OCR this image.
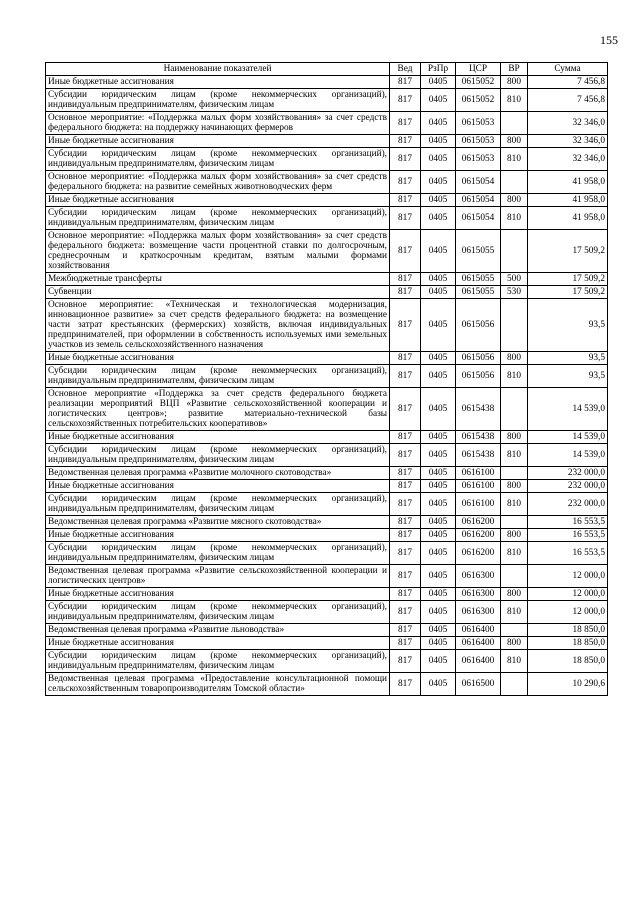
155
Наименование показателей	Вед	РзПр	ЦСР	ВР	Сумма
Иные бюджетные ассигнования	817	0405	0615052	800	7 456,8
Субсидии юридическим лицам (кроме некоммерческих организаций), индивидуальным предпринимателям, физическим лицам	817	0405	0615052	810	7 456,8
Основное мероприятие: «Поддержка малых форм хозяйствования» за счет средств федерального бюджета: на поддержку начинающих фермеров	817	0405	0615053		32 346,0
Иные бюджетные ассигнования	817	0405	0615053	800	32 346,0
Субсидии юридическим лицам (кроме некоммерческих организаций), индивидуальным предпринимателям, физическим лицам	817	0405	0615053	810	32 346,0
Основное мероприятие: «Поддержка малых форм хозяйствования» за счет средств федерального бюджета: на развитие семейных животноводческих ферм	817	0405	0615054		41 958,0
Иные бюджетные ассигнования	817	0405	0615054	800	41 958,0
Субсидии юридическим лицам (кроме некоммерческих организаций), индивидуальным предпринимателям, физическим лицам	817	0405	0615054	810	41 958,0
Основное мероприятие: «Поддержка малых форм хозяйствования» за счет средств федерального бюджета: возмещение части процентной ставки по долгосрочным, среднесрочным и краткосрочным кредитам, взятым малыми формами хозяйствования	817	0405	0615055		17 509,2
Межбюджетные трансферты	817	0405	0615055	500	17 509,2
Субвенции	817	0405	0615055	530	17 509,2
Основное мероприятие: «Техническая и технологическая модернизация, инновационное развитие» за счет средств федерального бюджета: на возмещение части затрат крестьянских (фермерских) хозяйств, включая индивидуальных предпринимателей, при оформлении в собственность используемых ими земельных участков из земель сельскохозяйственного назначения	817	0405	0615056		93,5
Иные бюджетные ассигнования	817	0405	0615056	800	93,5
Субсидии юридическим лицам (кроме некоммерческих организаций), индивидуальным предпринимателям, физическим лицам	817	0405	0615056	810	93,5
Основное мероприятие «Поддержка за счет средств федерального бюджета реализации мероприятий ВЦП «Развитие сельскохозяйственной кооперации и логистических центров»; развитие материально-технической базы сельскохозяйственных потребительских кооперативов»	817	0405	0615438		14 539,0
Иные бюджетные ассигнования	817	0405	0615438	800	14 539,0
Субсидии юридическим лицам (кроме некоммерческих организаций), индивидуальным предпринимателям, физическим лицам	817	0405	0615438	810	14 539,0
Ведомственная целевая программа «Развитие молочного скотоводства»	817	0405	0616100		232 000,0
Иные бюджетные ассигнования	817	0405	0616100	800	232 000,0
Субсидии юридическим лицам (кроме некоммерческих организаций), индивидуальным предпринимателям, физическим лицам	817	0405	0616100	810	232 000,0
Ведомственная целевая программа «Развитие мясного скотоводства»	817	0405	0616200		16 553,5
Иные бюджетные ассигнования	817	0405	0616200	800	16 553,5
Субсидии юридическим лицам (кроме некоммерческих организаций), индивидуальным предпринимателям, физическим лицам	817	0405	0616200	810	16 553,5
Ведомственная целевая программа «Развитие сельскохозяйственной кооперации и логистических центров»	817	0405	0616300		12 000,0
Иные бюджетные ассигнования	817	0405	0616300	800	12 000,0
Субсидии юридическим лицам (кроме некоммерческих организаций), индивидуальным предпринимателям, физическим лицам	817	0405	0616300	810	12 000,0
Ведомственная целевая программа «Развитие льноводства»	817	0405	0616400		18 850,0
Иные бюджетные ассигнования	817	0405	0616400	800	18 850,0
Субсидии юридическим лицам (кроме некоммерческих организаций), индивидуальным предпринимателям, физическим лицам	817	0405	0616400	810	18 850,0
Ведомственная целевая программа «Предоставление консультационной помощи сельскохозяйственным товаропроизводителям Томской области»	817	0405	0616500		10 290,6
